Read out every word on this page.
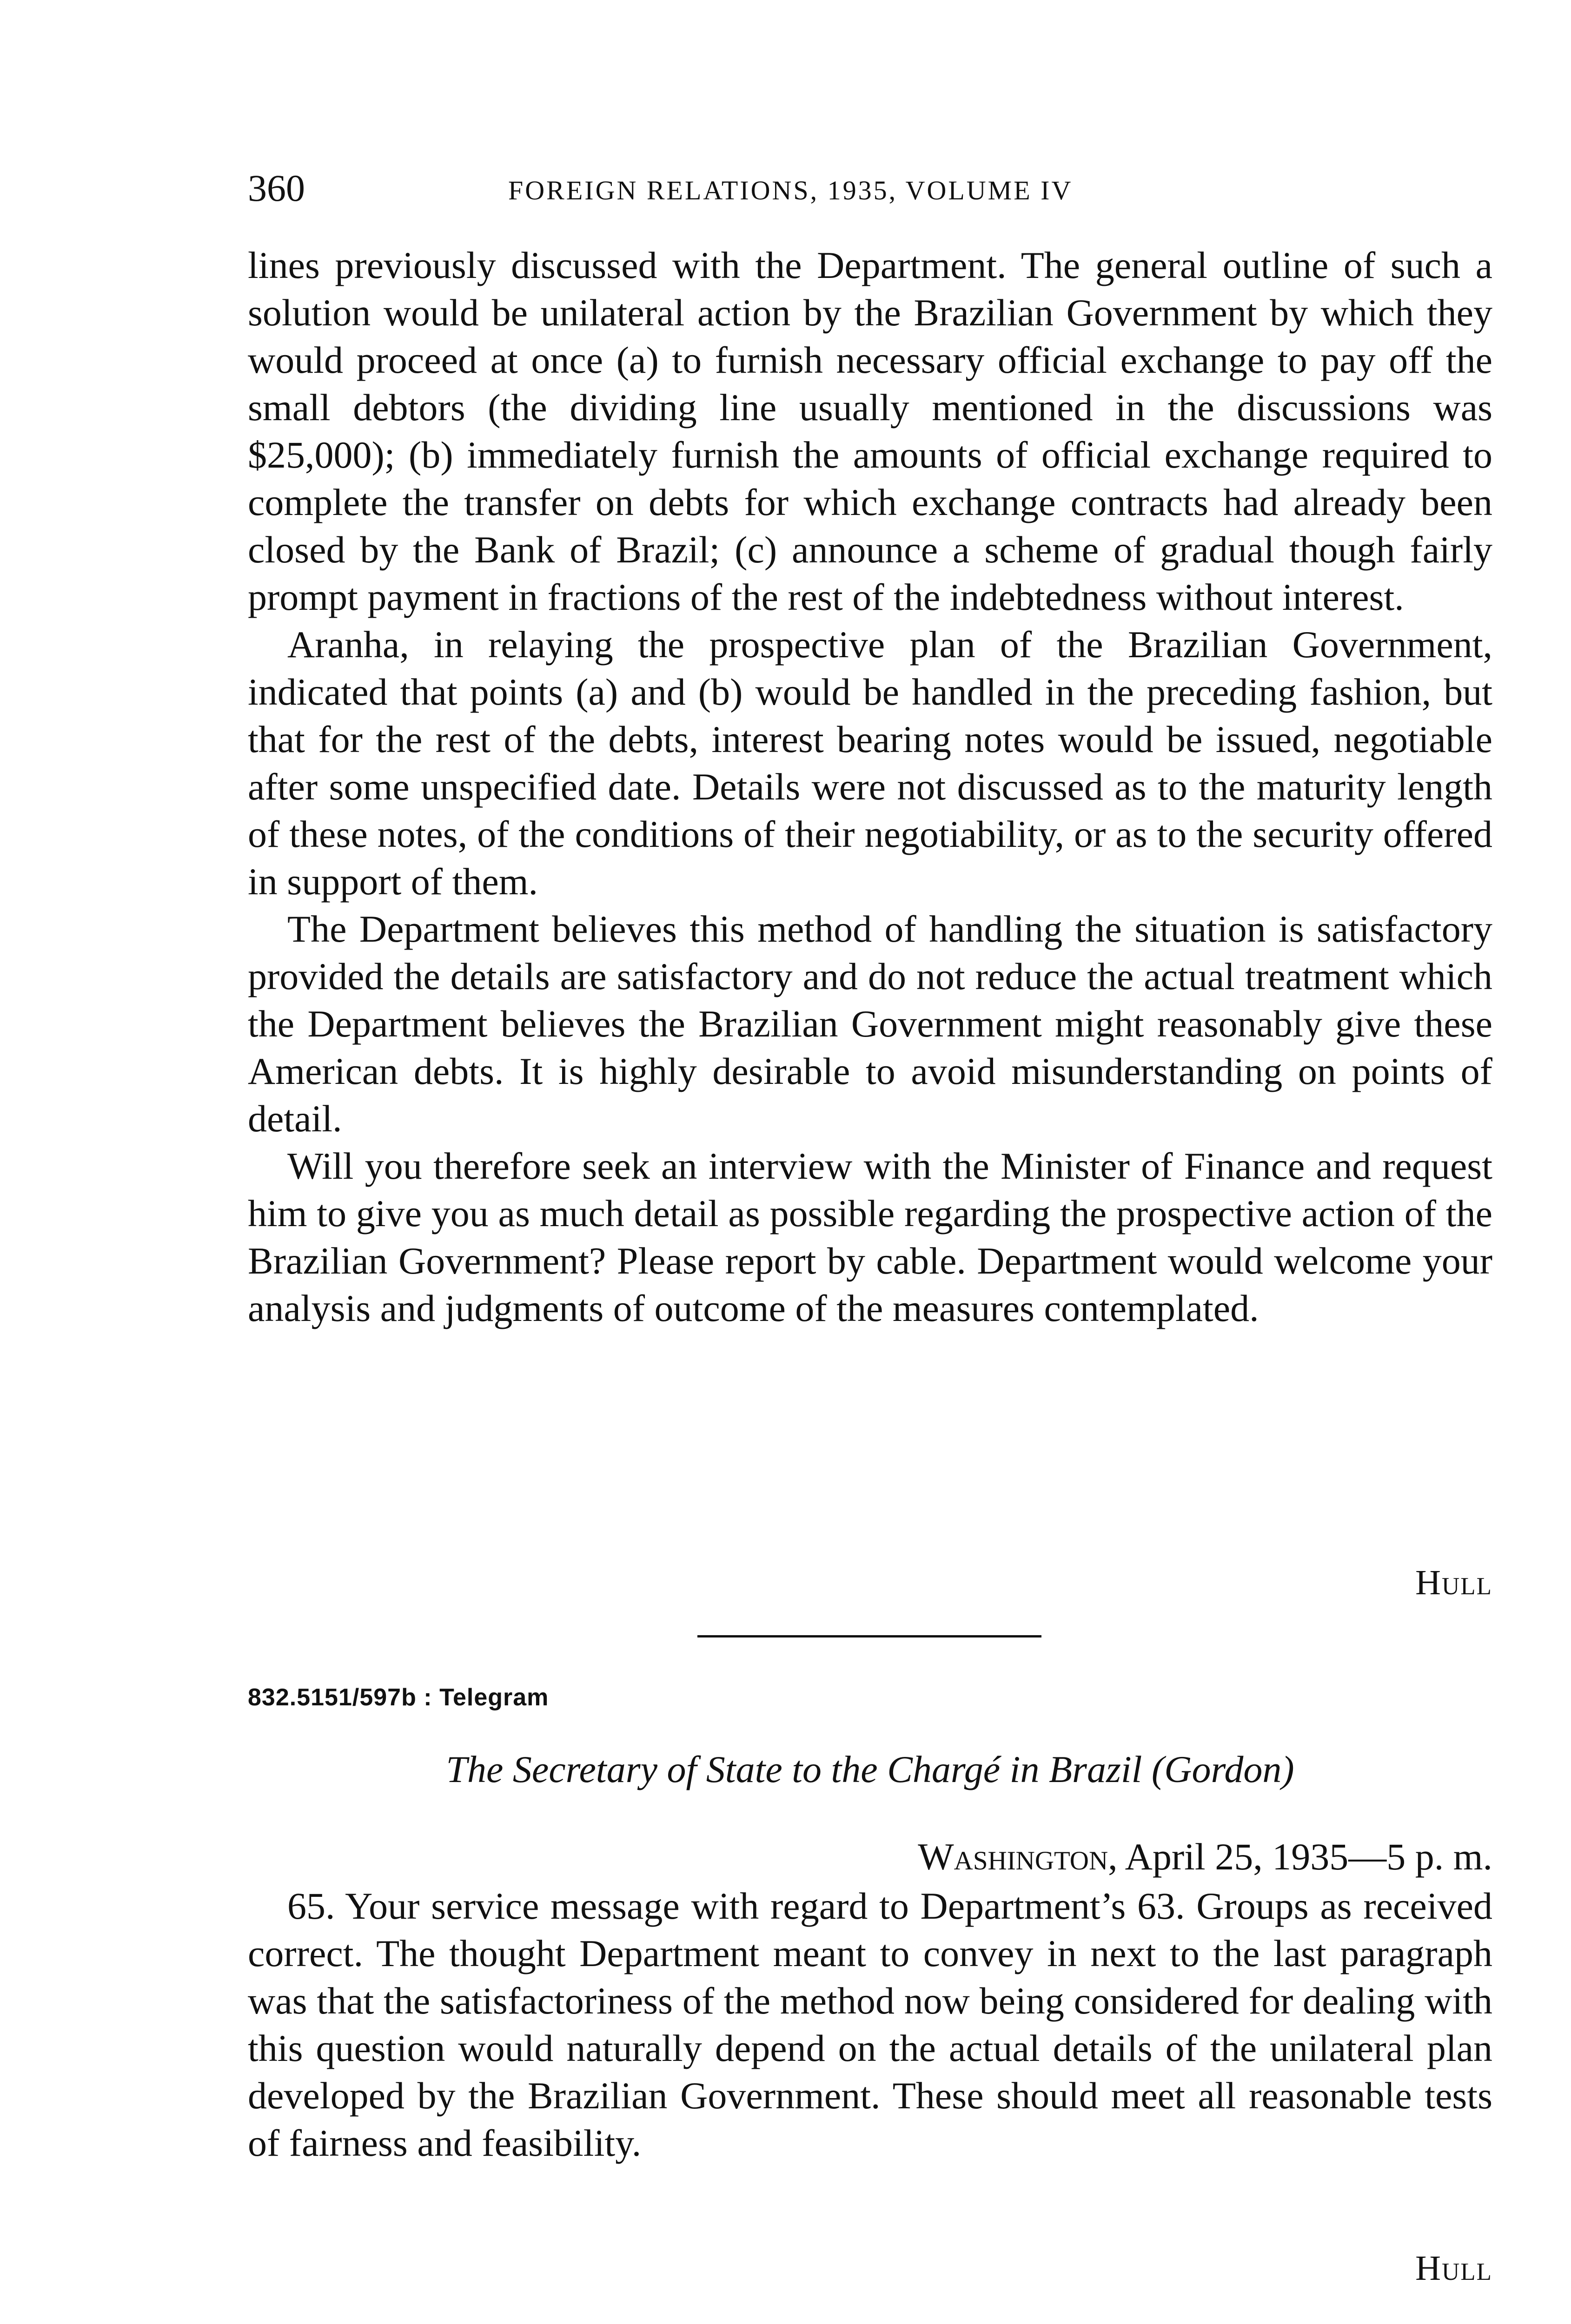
360	FOREIGN RELATIONS, 1935, VOLUME IV

lines previously discussed with the Department. The general outline of such a solution would be unilateral action by the Brazilian Government by which they would proceed at once (a) to furnish necessary official exchange to pay off the small debtors (the dividing line usually mentioned in the discussions was $25,000); (b) immediately furnish the amounts of official exchange required to complete the transfer on debts for which exchange contracts had already been closed by the Bank of Brazil; (c) announce a scheme of gradual though fairly prompt payment in fractions of the rest of the indebtedness without interest.

Aranha, in relaying the prospective plan of the Brazilian Government, indicated that points (a) and (b) would be handled in the preceding fashion, but that for the rest of the debts, interest bearing notes would be issued, negotiable after some unspecified date. Details were not discussed as to the maturity length of these notes, of the conditions of their negotiability, or as to the security offered in support of them.

The Department believes this method of handling the situation is satisfactory provided the details are satisfactory and do not reduce the actual treatment which the Department believes the Brazilian Government might reasonably give these American debts. It is highly desirable to avoid misunderstanding on points of detail.

Will you therefore seek an interview with the Minister of Finance and request him to give you as much detail as possible regarding the prospective action of the Brazilian Government? Please report by cable. Department would welcome your analysis and judgments of outcome of the measures contemplated.

Hull
832.5151/597b : Telegram
The Secretary of State to the Chargé in Brazil (Gordon)
Washington, April 25, 1935—5 p. m.

65. Your service message with regard to Department’s 63. Groups as received correct. The thought Department meant to convey in next to the last paragraph was that the satisfactoriness of the method now being considered for dealing with this question would naturally depend on the actual details of the unilateral plan developed by the Brazilian Government. These should meet all reasonable tests of fairness and feasibility.

Hull
